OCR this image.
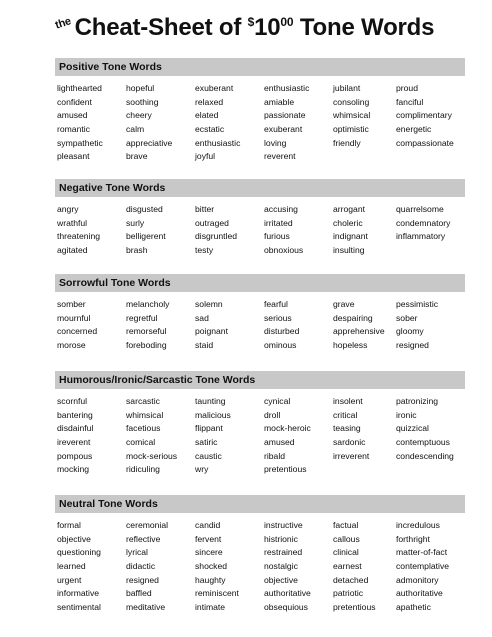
theCheat-Sheet of $^{\$}10^{00}$ Tone Words
Positive Tone Words
lighthearted	hopeful	exuberant	enthusiastic	jubilant	proud
confident	soothing	relaxed	amiable	consoling	fanciful
amused	cheery	elated	passionate	whimsical	complimentary
romantic	calm	ecstatic	exuberant	optimistic	energetic
sympathetic	appreciative	enthusiastic	loving	friendly	compassionate
pleasant	brave	joyful	reverent
Negative Tone Words
angry	disgusted	bitter	accusing	arrogant	quarrelsome
wrathful	surly	outraged	irritated	choleric	condemnatory
threatening	belligerent	disgruntled	furious	indignant	inflammatory
agitated	brash	testy	obnoxious	insulting
Sorrowful Tone Words
somber	melancholy	solemn	fearful	grave	pessimistic
mournful	regretful	sad	serious	despairing	sober
concerned	remorseful	poignant	disturbed	apprehensive	gloomy
morose	foreboding	staid	ominous	hopeless	resigned
Humorous/Ironic/Sarcastic Tone Words
scornful	sarcastic	taunting	cynical	insolent	patronizing
bantering	whimsical	malicious	droll	critical	ironic
disdainful	facetious	flippant	mock-heroic	teasing	quizzical
ireverent	comical	satiric	amused	sardonic	contemptuous
pompous	mock-serious	caustic	ribald	irreverent	condescending
mocking	ridiculing	wry	pretentious
Neutral Tone Words
formal	ceremonial	candid	instructive	factual	incredulous
objective	reflective	fervent	histrionic	callous	forthright
questioning	lyrical	sincere	restrained	clinical	matter-of-fact
learned	didactic	shocked	nostalgic	earnest	contemplative
urgent	resigned	haughty	objective	detached	admonitory
informative	baffled	reminiscent	authoritative	patriotic	authoritative
sentimental	meditative	intimate	obsequious	pretentious	apathetic
